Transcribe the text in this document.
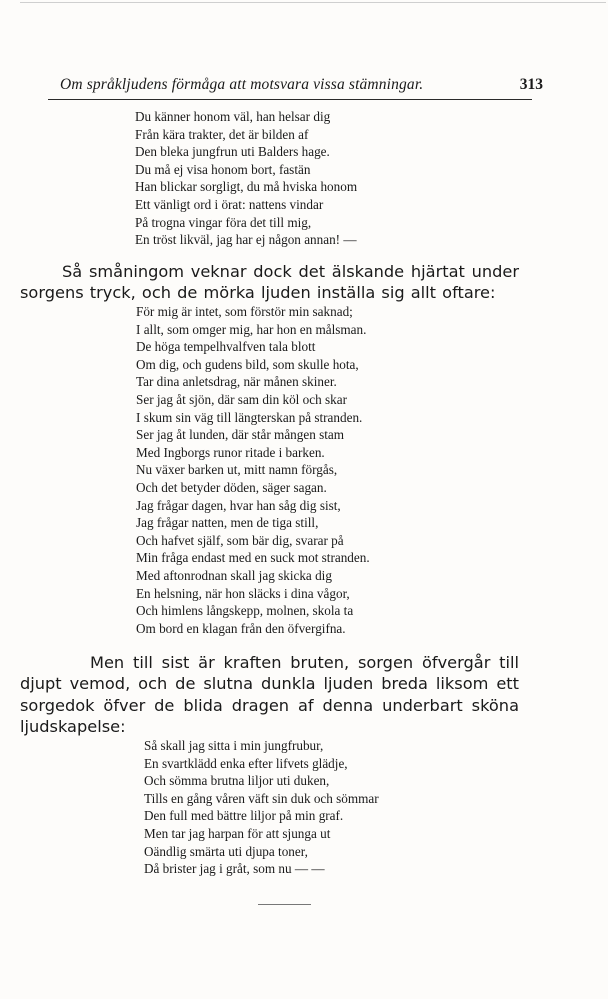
Om språkljudens förmåga att motsvara vissa stämningar.	313
Du känner honom väl, han helsar dig
Från kära trakter, det är bilden af
Den bleka jungfrun uti Balders hage.
Du må ej visa honom bort, fastän
Han blickar sorgligt, du må hviska honom
Ett vänligt ord i örat: nattens vindar
På trogna vingar föra det till mig,
En tröst likväl, jag har ej någon annan! —

Så småningom veknar dock det älskande hjärtat under sorgens tryck, och de mörka ljuden inställa sig allt oftare:

För mig är intet, som förstör min saknad;
I allt, som omger mig, har hon en målsman.
De höga tempelhvalfven tala blott
Om dig, och gudens bild, som skulle hota,
Tar dina anletsdrag, när månen skiner.
Ser jag åt sjön, där sam din köl och skar
I skum sin väg till längterskan på stranden.
Ser jag åt lunden, där står mången stam
Med Ingborgs runor ritade i barken.
Nu växer barken ut, mitt namn förgås,
Och det betyder döden, säger sagan.
Jag frågar dagen, hvar han såg dig sist,
Jag frågar natten, men de tiga still,
Och hafvet själf, som bär dig, svarar på
Min fråga endast med en suck mot stranden.
Med aftonrodnan skall jag skicka dig
En helsning, när hon släcks i dina vågor,
Och himlens långskepp, molnen, skola ta
Om bord en klagan från den öfvergifna.

Men till sist är kraften bruten, sorgen öfvergår till djupt vemod, och de slutna dunkla ljuden breda liksom ett sorgedok öfver de blida dragen af denna underbart sköna ljudskapelse:

Så skall jag sitta i min jungfrubur,
En svartklädd enka efter lifvets glädje,
Och sömma brutna liljor uti duken,
Tills en gång våren väft sin duk och sömmar
Den full med bättre liljor på min graf.
Men tar jag harpan för att sjunga ut
Oändlig smärta uti djupa toner,
Då brister jag i gråt, som nu — —
